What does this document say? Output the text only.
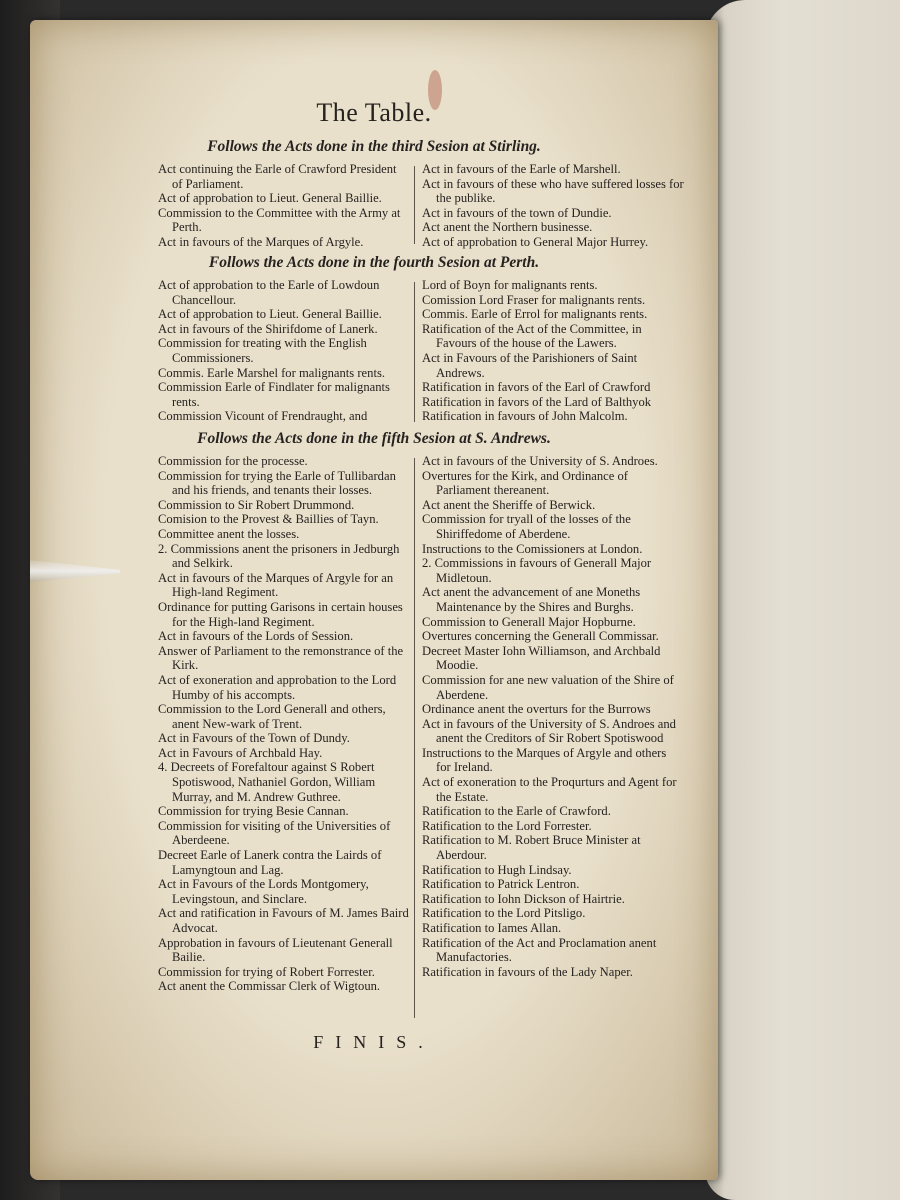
The Table.
Follows the Acts done in the third Sesion at Stirling.
Act continuing the Earle of Crawford President of Parliament.
Act of approbation to Lieut. General Baillie.
Commission to the Committee with the Army at Perth.
Act in favours of the Marques of Argyle.
Act in favours of the Earle of Marshell.
Act in favours of these who have suffered losses for the publike.
Act in favours of the town of Dundie.
Act anent the Northern businesse.
Act of approbation to General Major Hurrey.
Follows the Acts done in the fourth Sesion at Perth.
Act of approbation to the Earle of Lowdoun Chancellour.
Act of approbation to Lieut. General Baillie.
Act in favours of the Shirifdome of Lanerk.
Commission for treating with the English Commissioners.
Commis. Earle Marshel for malignants rents.
Commission Earle of Findlater for malignants rents.
Commission Vicount of Frendraught, and
Lord of Boyn for malignants rents.
Comission Lord Fraser for malignants rents.
Commis. Earle of Errol for malignants rents.
Ratification of the Act of the Committee, in Favours of the house of the Lawers.
Act in Favours of the Parishioners of Saint Andrews.
Ratification in favors of the Earl of Crawford
Ratification in favors of the Lard of Balthyok
Ratification in favours of John Malcolm.
Follows the Acts done in the fifth Sesion at S. Andrews.
Commission for the processe.
Commission for trying the Earle of Tullibardan and his friends, and tenants their losses.
Commission to Sir Robert Drummond.
Comision to the Provest & Baillies of Tayn.
Committee anent the losses.
2. Commissions anent the prisoners in Jedburgh and Selkirk.
Act in favours of the Marques of Argyle for an High-land Regiment.
Ordinance for putting Garisons in certain houses for the High-land Regiment.
Act in favours of the Lords of Session.
Answer of Parliament to the remonstrance of the Kirk.
Act of exoneration and approbation to the Lord Humby of his accompts.
Commission to the Lord Generall and others, anent New-wark of Trent.
Act in Favours of the Town of Dundy.
Act in Favours of Archbald Hay.
4. Decreets of Forefaltour against S Robert Spotiswood, Nathaniel Gordon, William Murray, and M. Andrew Guthree.
Commission for trying Besie Cannan.
Commission for visiting of the Universities of Aberdeene.
Decreet Earle of Lanerk contra the Lairds of Lamyngtoun and Lag.
Act in Favours of the Lords Montgomery, Levingstoun, and Sinclare.
Act and ratification in Favours of M. James Baird Advocat.
Approbation in favours of Lieutenant Generall Bailie.
Commission for trying of Robert Forrester.
Act anent the Commissar Clerk of Wigtoun.
Act in favours of the University of S. Androes.
Overtures for the Kirk, and Ordinance of Parliament thereanent.
Act anent the Sheriffe of Berwick.
Commission for tryall of the losses of the Shiriffedome of Aberdene.
Instructions to the Comissioners at London.
2. Commissions in favours of Generall Major Midletoun.
Act anent the advancement of ane Moneths Maintenance by the Shires and Burghs.
Commission to Generall Major Hopburne.
Overtures concerning the Generall Commissar.
Decreet Master Iohn Williamson, and Archbald Moodie.
Commission for ane new valuation of the Shire of Aberdene.
Ordinance anent the overturs for the Burrows
Act in favours of the University of S. Androes and anent the Creditors of Sir Robert Spotiswood
Instructions to the Marques of Argyle and others for Ireland.
Act of exoneration to the Proqurturs and Agent for the Estate.
Ratification to the Earle of Crawford.
Ratification to the Lord Forrester.
Ratification to M. Robert Bruce Minister at Aberdour.
Ratification to Hugh Lindsay.
Ratification to Patrick Lentron.
Ratification to Iohn Dickson of Hairtrie.
Ratification to the Lord Pitsligo.
Ratification to Iames Allan.
Ratification of the Act and Proclamation anent Manufactories.
Ratification in favours of the Lady Naper.
FINIS.
